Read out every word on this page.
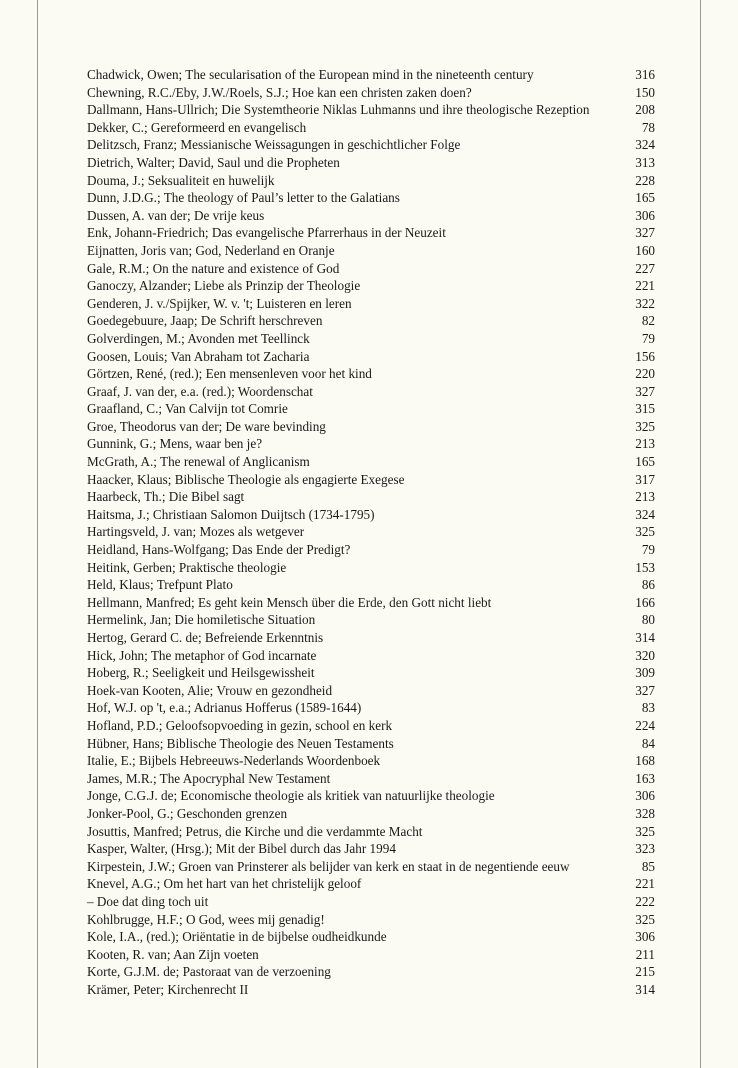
Chadwick, Owen; The secularisation of the European mind in the nineteenth century	316
Chewning, R.C./Eby, J.W./Roels, S.J.; Hoe kan een christen zaken doen?	150
Dallmann, Hans-Ullrich; Die Systemtheorie Niklas Luhmanns und ihre theologische Rezeption	208
Dekker, C.; Gereformeerd en evangelisch	78
Delitzsch, Franz; Messianische Weissagungen in geschichtlicher Folge	324
Dietrich, Walter; David, Saul und die Propheten	313
Douma, J.; Seksualiteit en huwelijk	228
Dunn, J.D.G.; The theology of Paul’s letter to the Galatians	165
Dussen, A. van der; De vrije keus	306
Enk, Johann-Friedrich; Das evangelische Pfarrerhaus in der Neuzeit	327
Eijnatten, Joris van; God, Nederland en Oranje	160
Gale, R.M.; On the nature and existence of God	227
Ganoczy, Alzander; Liebe als Prinzip der Theologie	221
Genderen, J. v./Spijker, W. v. 't; Luisteren en leren	322
Goedegebuure, Jaap; De Schrift herschreven	82
Golverdingen, M.; Avonden met Teellinck	79
Goosen, Louis; Van Abraham tot Zacharia	156
Görtzen, René, (red.); Een mensenleven voor het kind	220
Graaf, J. van der, e.a. (red.); Woordenschat	327
Graafland, C.; Van Calvijn tot Comrie	315
Groe, Theodorus van der; De ware bevinding	325
Gunnink, G.; Mens, waar ben je?	213
McGrath, A.; The renewal of Anglicanism	165
Haacker, Klaus; Biblische Theologie als engagierte Exegese	317
Haarbeck, Th.; Die Bibel sagt	213
Haitsma, J.; Christiaan Salomon Duijtsch (1734-1795)	324
Hartingsveld, J. van; Mozes als wetgever	325
Heidland, Hans-Wolfgang; Das Ende der Predigt?	79
Heitink, Gerben; Praktische theologie	153
Held, Klaus; Trefpunt Plato	86
Hellmann, Manfred; Es geht kein Mensch über die Erde, den Gott nicht liebt	166
Hermelink, Jan; Die homiletische Situation	80
Hertog, Gerard C. de; Befreiende Erkenntnis	314
Hick, John; The metaphor of God incarnate	320
Hoberg, R.; Seeligkeit und Heilsgewissheit	309
Hoek-van Kooten, Alie; Vrouw en gezondheid	327
Hof, W.J. op 't, e.a.; Adrianus Hofferus (1589-1644)	83
Hofland, P.D.; Geloofsopvoeding in gezin, school en kerk	224
Hübner, Hans; Biblische Theologie des Neuen Testaments	84
Italie, E.; Bijbels Hebreeuws-Nederlands Woordenboek	168
James, M.R.; The Apocryphal New Testament	163
Jonge, C.G.J. de; Economische theologie als kritiek van natuurlijke theologie	306
Jonker-Pool, G.; Geschonden grenzen	328
Josuttis, Manfred; Petrus, die Kirche und die verdammte Macht	325
Kasper, Walter, (Hrsg.); Mit der Bibel durch das Jahr 1994	323
Kirpestein, J.W.; Groen van Prinsterer als belijder van kerk en staat in de negentiende eeuw	85
Knevel, A.G.; Om het hart van het christelijk geloof	221
– Doe dat ding toch uit	222
Kohlbrugge, H.F.; O God, wees mij genadig!	325
Kole, I.A., (red.); Oriëntatie in de bijbelse oudheidkunde	306
Kooten, R. van; Aan Zijn voeten	211
Korte, G.J.M. de; Pastoraat van de verzoening	215
Krämer, Peter; Kirchenrecht II	314
